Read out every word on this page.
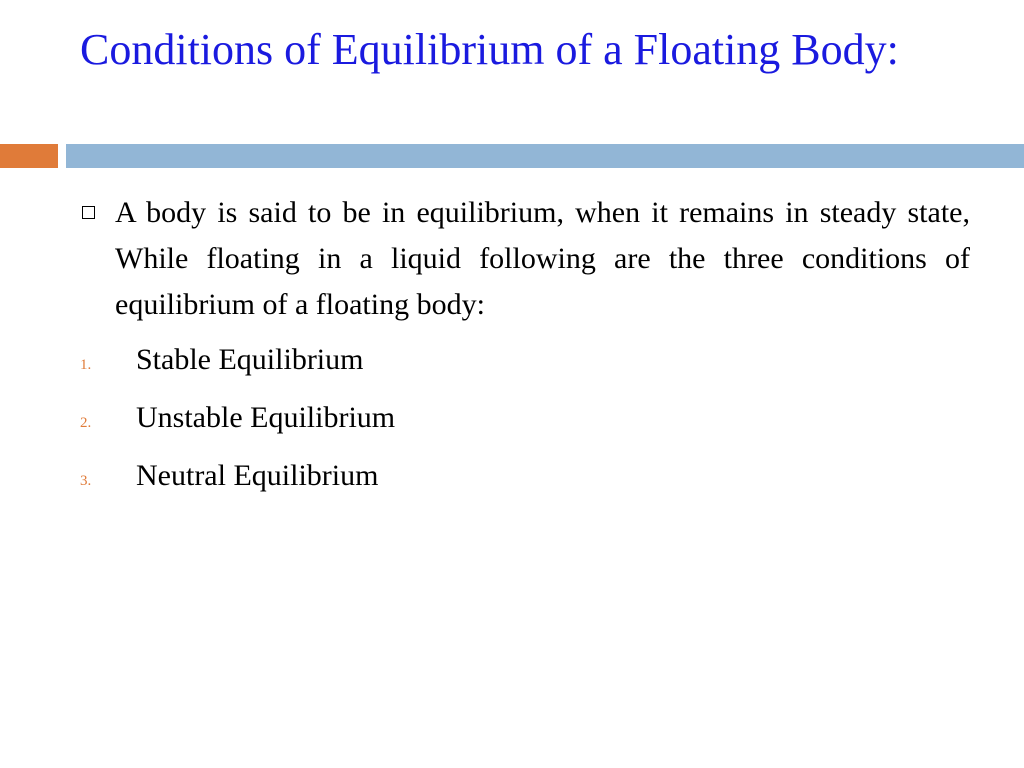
Conditions of Equilibrium of a Floating Body:
A body is said to be in equilibrium, when it remains in steady state, While floating in a liquid following are the three conditions of equilibrium of a floating body:
1.	Stable Equilibrium
2.	Unstable Equilibrium
3.	Neutral Equilibrium
